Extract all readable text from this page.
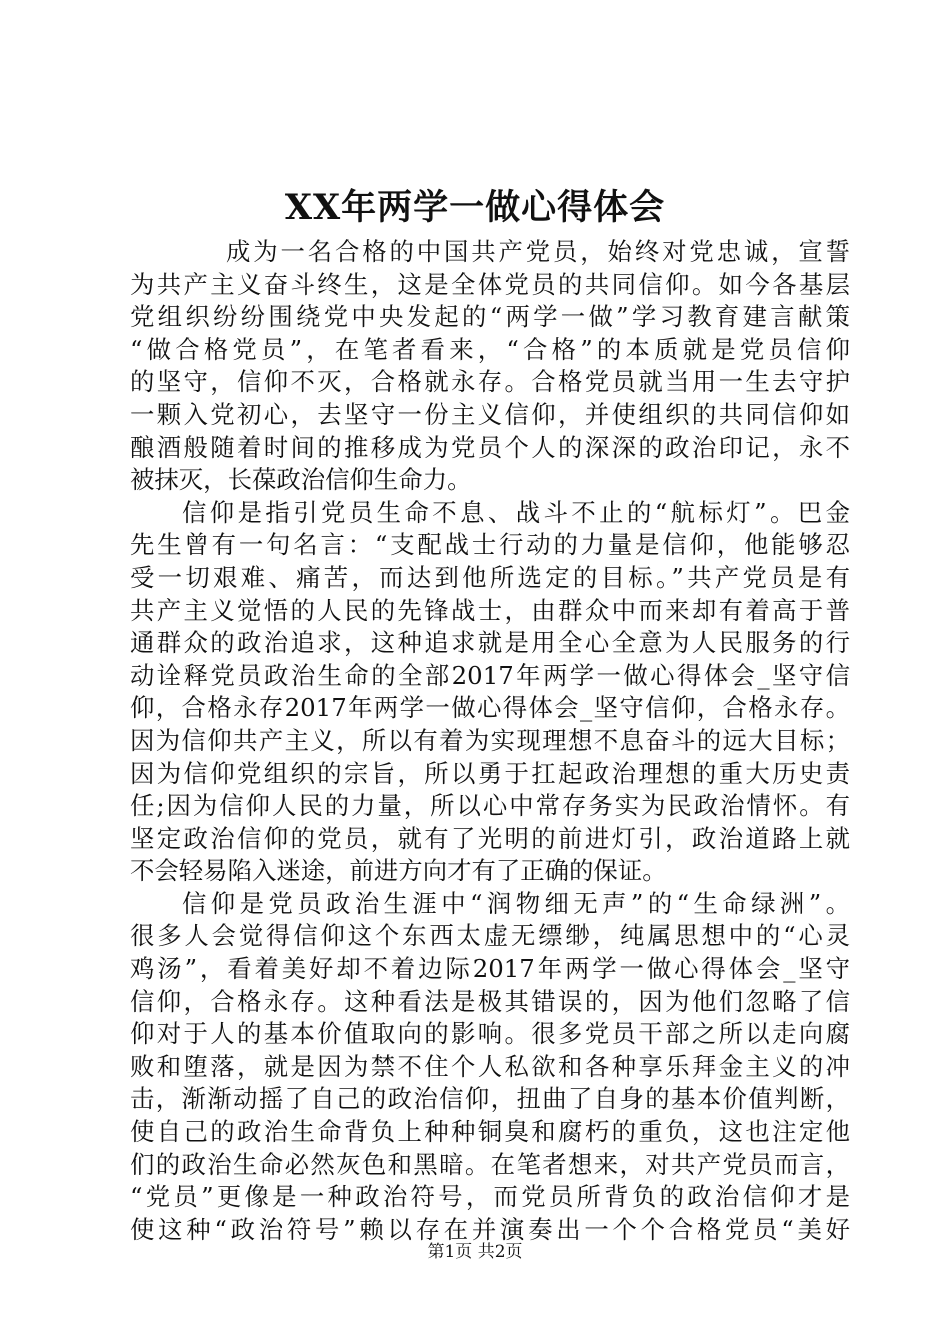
XX年两学一做心得体会
成为一名合格的中国共产党员，始终对党忠诚，宣誓
为共产主义奋斗终生，这是全体党员的共同信仰。如今各基层
党组织纷纷围绕党中央发起的“两学一做”学习教育建言献策
“做合格党员”，在笔者看来，“合格”的本质就是党员信仰
的坚守，信仰不灭，合格就永存。合格党员就当用一生去守护
一颗入党初心，去坚守一份主义信仰，并使组织的共同信仰如
酿酒般随着时间的推移成为党员个人的深深的政治印记，永不
被抹灭，长葆政治信仰生命力。
信仰是指引党员生命不息、战斗不止的“航标灯”。巴金
先生曾有一句名言：“支配战士行动的力量是信仰，他能够忍
受一切艰难、痛苦，而达到他所选定的目标。”共产党员是有
共产主义觉悟的人民的先锋战士，由群众中而来却有着高于普
通群众的政治追求，这种追求就是用全心全意为人民服务的行
动诠释党员政治生命的全部2017年两学一做心得体会_坚守信
仰，合格永存2017年两学一做心得体会_坚守信仰，合格永存。
因为信仰共产主义，所以有着为实现理想不息奋斗的远大目标；
因为信仰党组织的宗旨，所以勇于扛起政治理想的重大历史责
任;因为信仰人民的力量，所以心中常存务实为民政治情怀。有
坚定政治信仰的党员，就有了光明的前进灯引，政治道路上就
不会轻易陷入迷途，前进方向才有了正确的保证。
信仰是党员政治生涯中“润物细无声”的“生命绿洲”。
很多人会觉得信仰这个东西太虚无缥缈，纯属思想中的“心灵
鸡汤”，看着美好却不着边际2017年两学一做心得体会_坚守
信仰，合格永存。这种看法是极其错误的，因为他们忽略了信
仰对于人的基本价值取向的影响。很多党员干部之所以走向腐
败和堕落，就是因为禁不住个人私欲和各种享乐拜金主义的冲
击，渐渐动摇了自己的政治信仰，扭曲了自身的基本价值判断，
使自己的政治生命背负上种种铜臭和腐朽的重负，这也注定他
们的政治生命必然灰色和黑暗。在笔者想来，对共产党员而言，
“党员”更像是一种政治符号，而党员所背负的政治信仰才是
使这种“政治符号”赖以存在并演奏出一个个合格党员“美好
第1页 共2页
